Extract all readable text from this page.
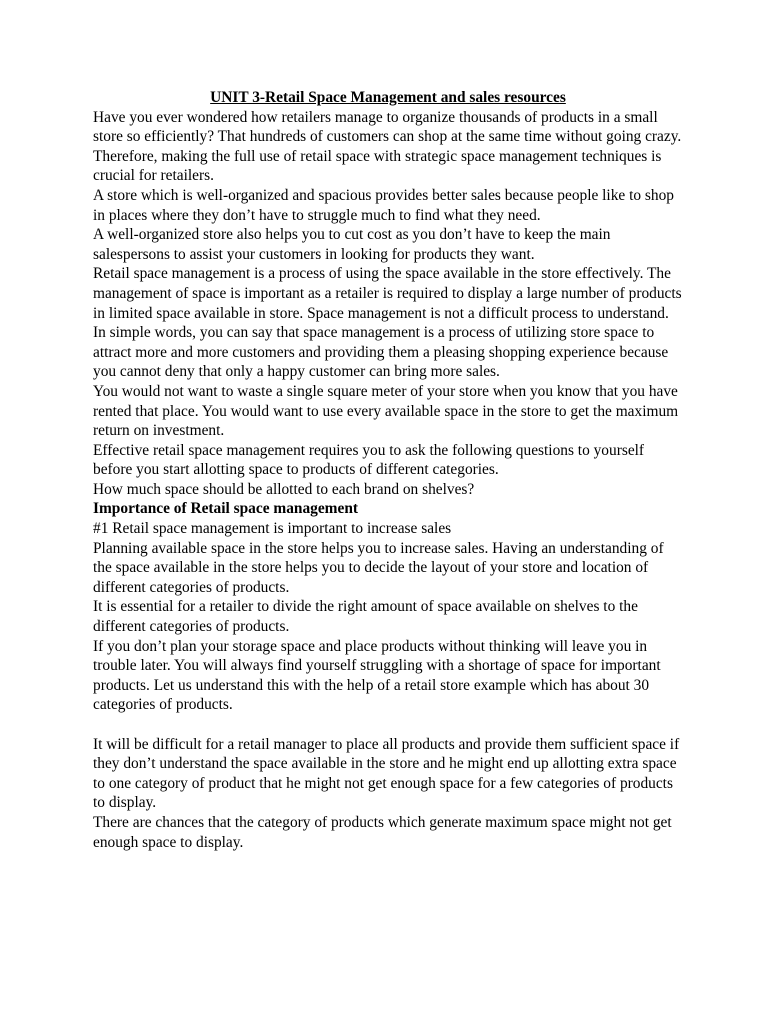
UNIT 3-Retail Space Management and sales resources

Have you ever wondered how retailers manage to organize thousands of products in a small store so efficiently? That hundreds of customers can shop at the same time without going crazy. Therefore, making the full use of retail space with strategic space management techniques is crucial for retailers.

A store which is well-organized and spacious provides better sales because people like to shop in places where they don’t have to struggle much to find what they need.

A well-organized store also helps you to cut cost as you don’t have to keep the main salespersons to assist your customers in looking for products they want.

Retail space management is a process of using the space available in the store effectively. The management of space is important as a retailer is required to display a large number of products in limited space available in store. Space management is not a difficult process to understand.

In simple words, you can say that space management is a process of utilizing store space to attract more and more customers and providing them a pleasing shopping experience because you cannot deny that only a happy customer can bring more sales.

You would not want to waste a single square meter of your store when you know that you have rented that place. You would want to use every available space in the store to get the maximum return on investment.

Effective retail space management requires you to ask the following questions to yourself before you start allotting space to products of different categories.

How much space should be allotted to each brand on shelves?

Importance of Retail space management

#1 Retail space management is important to increase sales

Planning available space in the store helps you to increase sales. Having an understanding of the space available in the store helps you to decide the layout of your store and location of different categories of products.

It is essential for a retailer to divide the right amount of space available on shelves to the different categories of products.

If you don’t plan your storage space and place products without thinking will leave you in trouble later. You will always find yourself struggling with a shortage of space for important products. Let us understand this with the help of a retail store example which has about 30 categories of products.

It will be difficult for a retail manager to place all products and provide them sufficient space if they don’t understand the space available in the store and he might end up allotting extra space to one category of product that he might not get enough space for a few categories of products to display.

There are chances that the category of products which generate maximum space might not get enough space to display.
